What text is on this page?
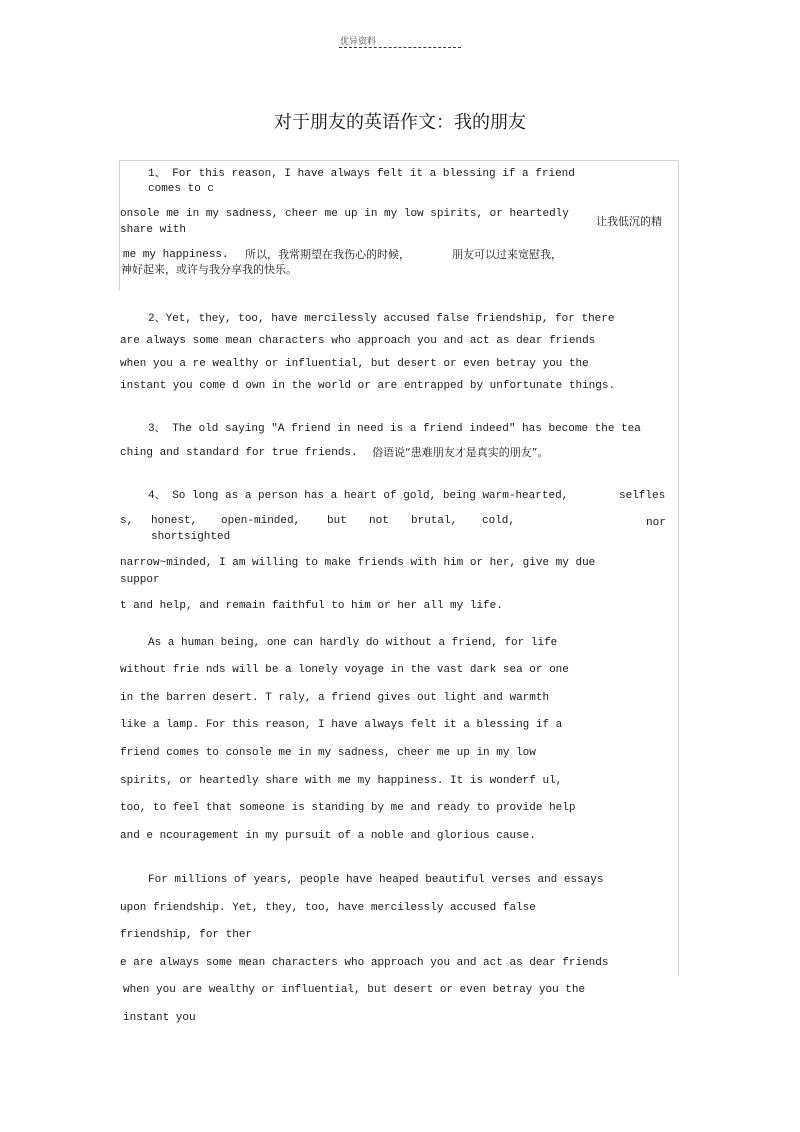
优异资料
对于朋友的英语作文：我的朋友
1、 For this reason, I have always felt it a blessing if a friend
comes to c
onsole me in my sadness, cheer me up in my low spirits, or heartedly
share with
让我低沉的精
me my happiness. 所以，我常期望在我伤心的时候，	朋友可以过来宽慰我，
神好起来，或许与我分享我的快乐。
2、Yet, they, too, have mercilessly accused false friendship, for there
are always some mean characters who approach you and act as dear friends
when you a re wealthy or influential, but desert or even betray you the
instant you come d own in the world or are entrapped by unfortunate things.
3、 The old saying "A friend in need is a friend indeed" has become the tea
ching and standard for true friends. 俗语说“患难朋友才是真实的朋友”。
4、 So long as a person has a heart of gold, being warm-hearted,	selfles
s, honest, open-minded, but not brutal, cold,	nor
shortsighted
narrow~minded, I am willing to make friends with him or her, give my due
suppor
t and help, and remain faithful to him or her all my life.
As a human being, one can hardly do without a friend, for life
without frie nds will be a lonely voyage in the vast dark sea or one
in the barren desert. T raly, a friend gives out light and warmth
like a lamp. For this reason, I have always felt it a blessing if a
friend comes to console me in my sadness, cheer me up in my low
spirits, or heartedly share with me my happiness. It is wonderf ul,
too, to feel that someone is standing by me and ready to provide help
and e ncouragement in my pursuit of a noble and glorious cause.
For millions of years, people have heaped beautiful verses and essays
upon friendship. Yet, they, too, have mercilessly accused false
friendship, for ther
e are always some mean characters who approach you and act as dear friends
when you are wealthy or influential, but desert or even betray you the
instant you
